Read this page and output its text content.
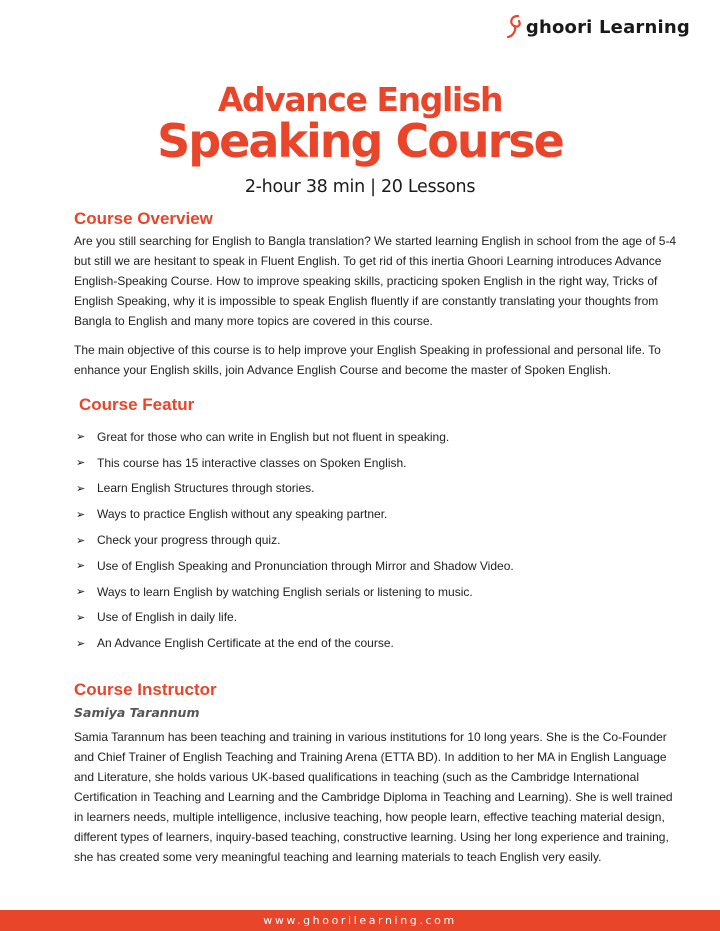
ghoori Learning
Advance English
Speaking Course
2-hour 38 min | 20 Lessons
Course Overview
Are you still searching for English to Bangla translation? We started learning English in school from the age of 5-4 but still we are hesitant to speak in Fluent English. To get rid of this inertia Ghoori Learning introduces Advance English-Speaking Course. How to improve speaking skills, practicing spoken English in the right way, Tricks of English Speaking, why it is impossible to speak English fluently if are constantly translating your thoughts from Bangla to English and many more topics are covered in this course.
The main objective of this course is to help improve your English Speaking in professional and personal life. To enhance your English skills, join Advance English Course and become the master of Spoken English.
Course Featur
➢ Great for those who can write in English but not fluent in speaking.
➢ This course has 15 interactive classes on Spoken English.
➢ Learn English Structures through stories.
➢ Ways to practice English without any speaking partner.
➢ Check your progress through quiz.
➢ Use of English Speaking and Pronunciation through Mirror and Shadow Video.
➢ Ways to learn English by watching English serials or listening to music.
➢ Use of English in daily life.
➢ An Advance English Certificate at the end of the course.
Course Instructor
Samiya Tarannum
Samia Tarannum has been teaching and training in various institutions for 10 long years. She is the Co-Founder and Chief Trainer of English Teaching and Training Arena (ETTA BD). In addition to her MA in English Language and Literature, she holds various UK-based qualifications in teaching (such as the Cambridge International Certification in Teaching and Learning and the Cambridge Diploma in Teaching and Learning). She is well trained in learners needs, multiple intelligence, inclusive teaching, how people learn, effective teaching material design, different types of learners, inquiry-based teaching, constructive learning. Using her long experience and training, she has created some very meaningful teaching and learning materials to teach English very easily.
www.ghoorilearning.com
